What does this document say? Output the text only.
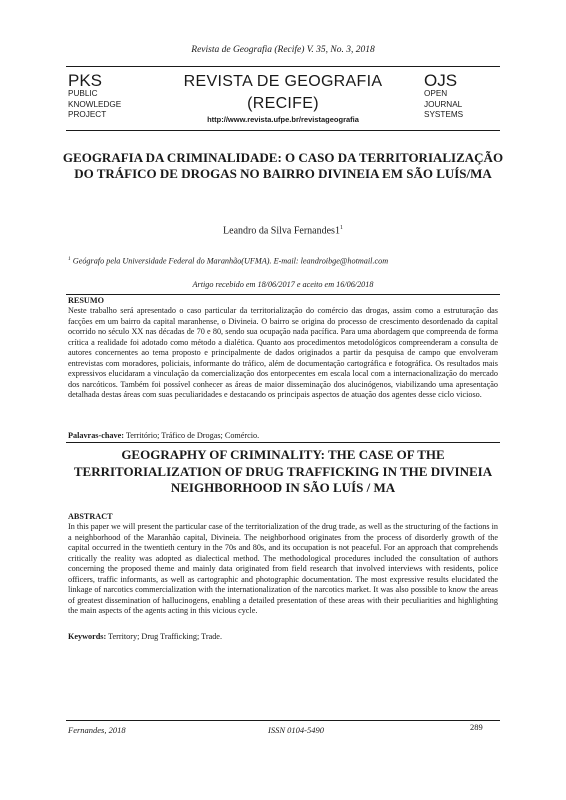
Revista de Geografia (Recife) V. 35, No. 3, 2018
PKS
PUBLIC
KNOWLEDGE
PROJECT
REVISTA DE GEOGRAFIA
(RECIFE)
http://www.revista.ufpe.br/revistageografia
OJS
OPEN
JOURNAL
SYSTEMS
GEOGRAFIA DA CRIMINALIDADE: O CASO DA TERRITORIALIZAÇÃO DO TRÁFICO DE DROGAS NO BAIRRO DIVINEIA EM SÃO LUÍS/MA
Leandro da Silva $Fernandes1^1$
$^1$ Geógrafo pela Universidade Federal do Maranhão(UFMA). E-mail: leandroibge@hotmail.com
Artigo recebido em 18/06/2017 e aceito em 16/06/2018
RESUMO
Neste trabalho será apresentado o caso particular da territorialização do comércio das drogas, assim como a estruturação das facções em um bairro da capital maranhense, o Divineia. O bairro se origina do processo de crescimento desordenado da capital ocorrido no século XX nas décadas de 70 e 80, sendo sua ocupação nada pacífica. Para uma abordagem que compreenda de forma crítica a realidade foi adotado como método a dialética. Quanto aos procedimentos metodológicos compreenderam a consulta de autores concernentes ao tema proposto e principalmente de dados originados a partir da pesquisa de campo que envolveram entrevistas com moradores, policiais, informante do tráfico, além de documentação cartográfica e fotográfica. Os resultados mais expressivos elucidaram a vinculação da comercialização dos entorpecentes em escala local com a internacionalização do mercado dos narcóticos. Também foi possível conhecer as áreas de maior disseminação dos alucinógenos, viabilizando uma apresentação detalhada destas áreas com suas peculiaridades e destacando os principais aspectos de atuação dos agentes desse ciclo vicioso.
Palavras-chave: Território; Tráfico de Drogas; Comércio.
GEOGRAPHY OF CRIMINALITY: THE CASE OF THE TERRITORIALIZATION OF DRUG TRAFFICKING IN THE DIVINEIA NEIGHBORHOOD IN SÃO LUÍS / MA
ABSTRACT
In this paper we will present the particular case of the territorialization of the drug trade, as well as the structuring of the factions in a neighborhood of the Maranhão capital, Divineia. The neighborhood originates from the process of disorderly growth of the capital occurred in the twentieth century in the 70s and 80s, and its occupation is not peaceful. For an approach that comprehends critically the reality was adopted as dialectical method. The methodological procedures included the consultation of authors concerning the proposed theme and mainly data originated from field research that involved interviews with residents, police officers, traffic informants, as well as cartographic and photographic documentation. The most expressive results elucidated the linkage of narcotics commercialization with the internationalization of the narcotics market. It was also possible to know the areas of greatest dissemination of hallucinogens, enabling a detailed presentation of these areas with their peculiarities and highlighting the main aspects of the agents acting in this vicious cycle.
Keywords: Territory; Drug Trafficking; Trade.
Fernandes, 2018	ISSN 0104-5490	289
